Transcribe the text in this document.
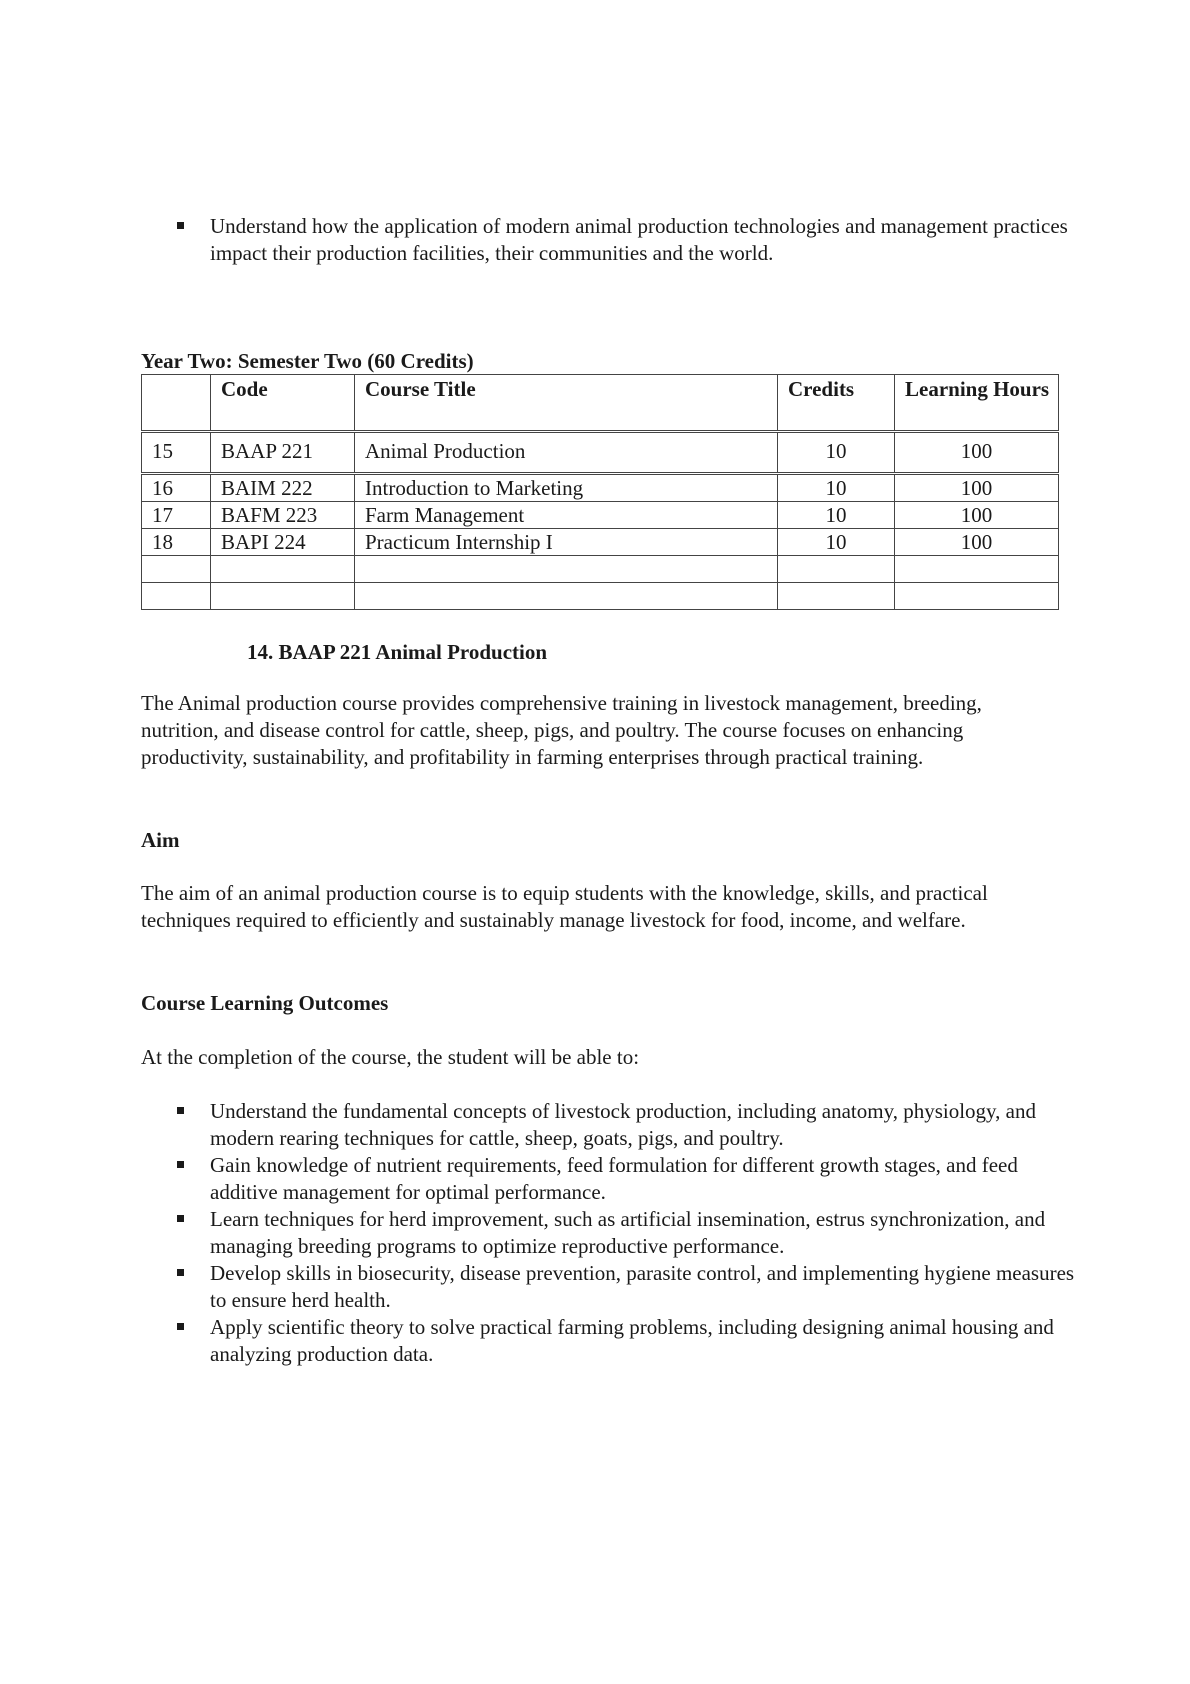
Understand how the application of modern animal production technologies and management practices impact their production facilities, their communities and the world.
Year Two: Semester Two (60 Credits)
	Code	Course Title	Credits	Learning Hours
15	BAAP 221	Animal Production	10	100
16	BAIM 222	Introduction to Marketing	10	100
17	BAFM 223	Farm Management	10	100
18	BAPI 224	Practicum Internship I	10	100

14. BAAP 221 Animal Production

The Animal production course provides comprehensive training in livestock management, breeding, nutrition, and disease control for cattle, sheep, pigs, and poultry. The course focuses on enhancing productivity, sustainability, and profitability in farming enterprises through practical training.

Aim

The aim of an animal production course is to equip students with the knowledge, skills, and practical techniques required to efficiently and sustainably manage livestock for food, income, and welfare.

Course Learning Outcomes

At the completion of the course, the student will be able to:

Understand the fundamental concepts of livestock production, including anatomy, physiology, and modern rearing techniques for cattle, sheep, goats, pigs, and poultry.
Gain knowledge of nutrient requirements, feed formulation for different growth stages, and feed additive management for optimal performance.
Learn techniques for herd improvement, such as artificial insemination, estrus synchronization, and managing breeding programs to optimize reproductive performance.
Develop skills in biosecurity, disease prevention, parasite control, and implementing hygiene measures to ensure herd health.
Apply scientific theory to solve practical farming problems, including designing animal housing and analyzing production data.
